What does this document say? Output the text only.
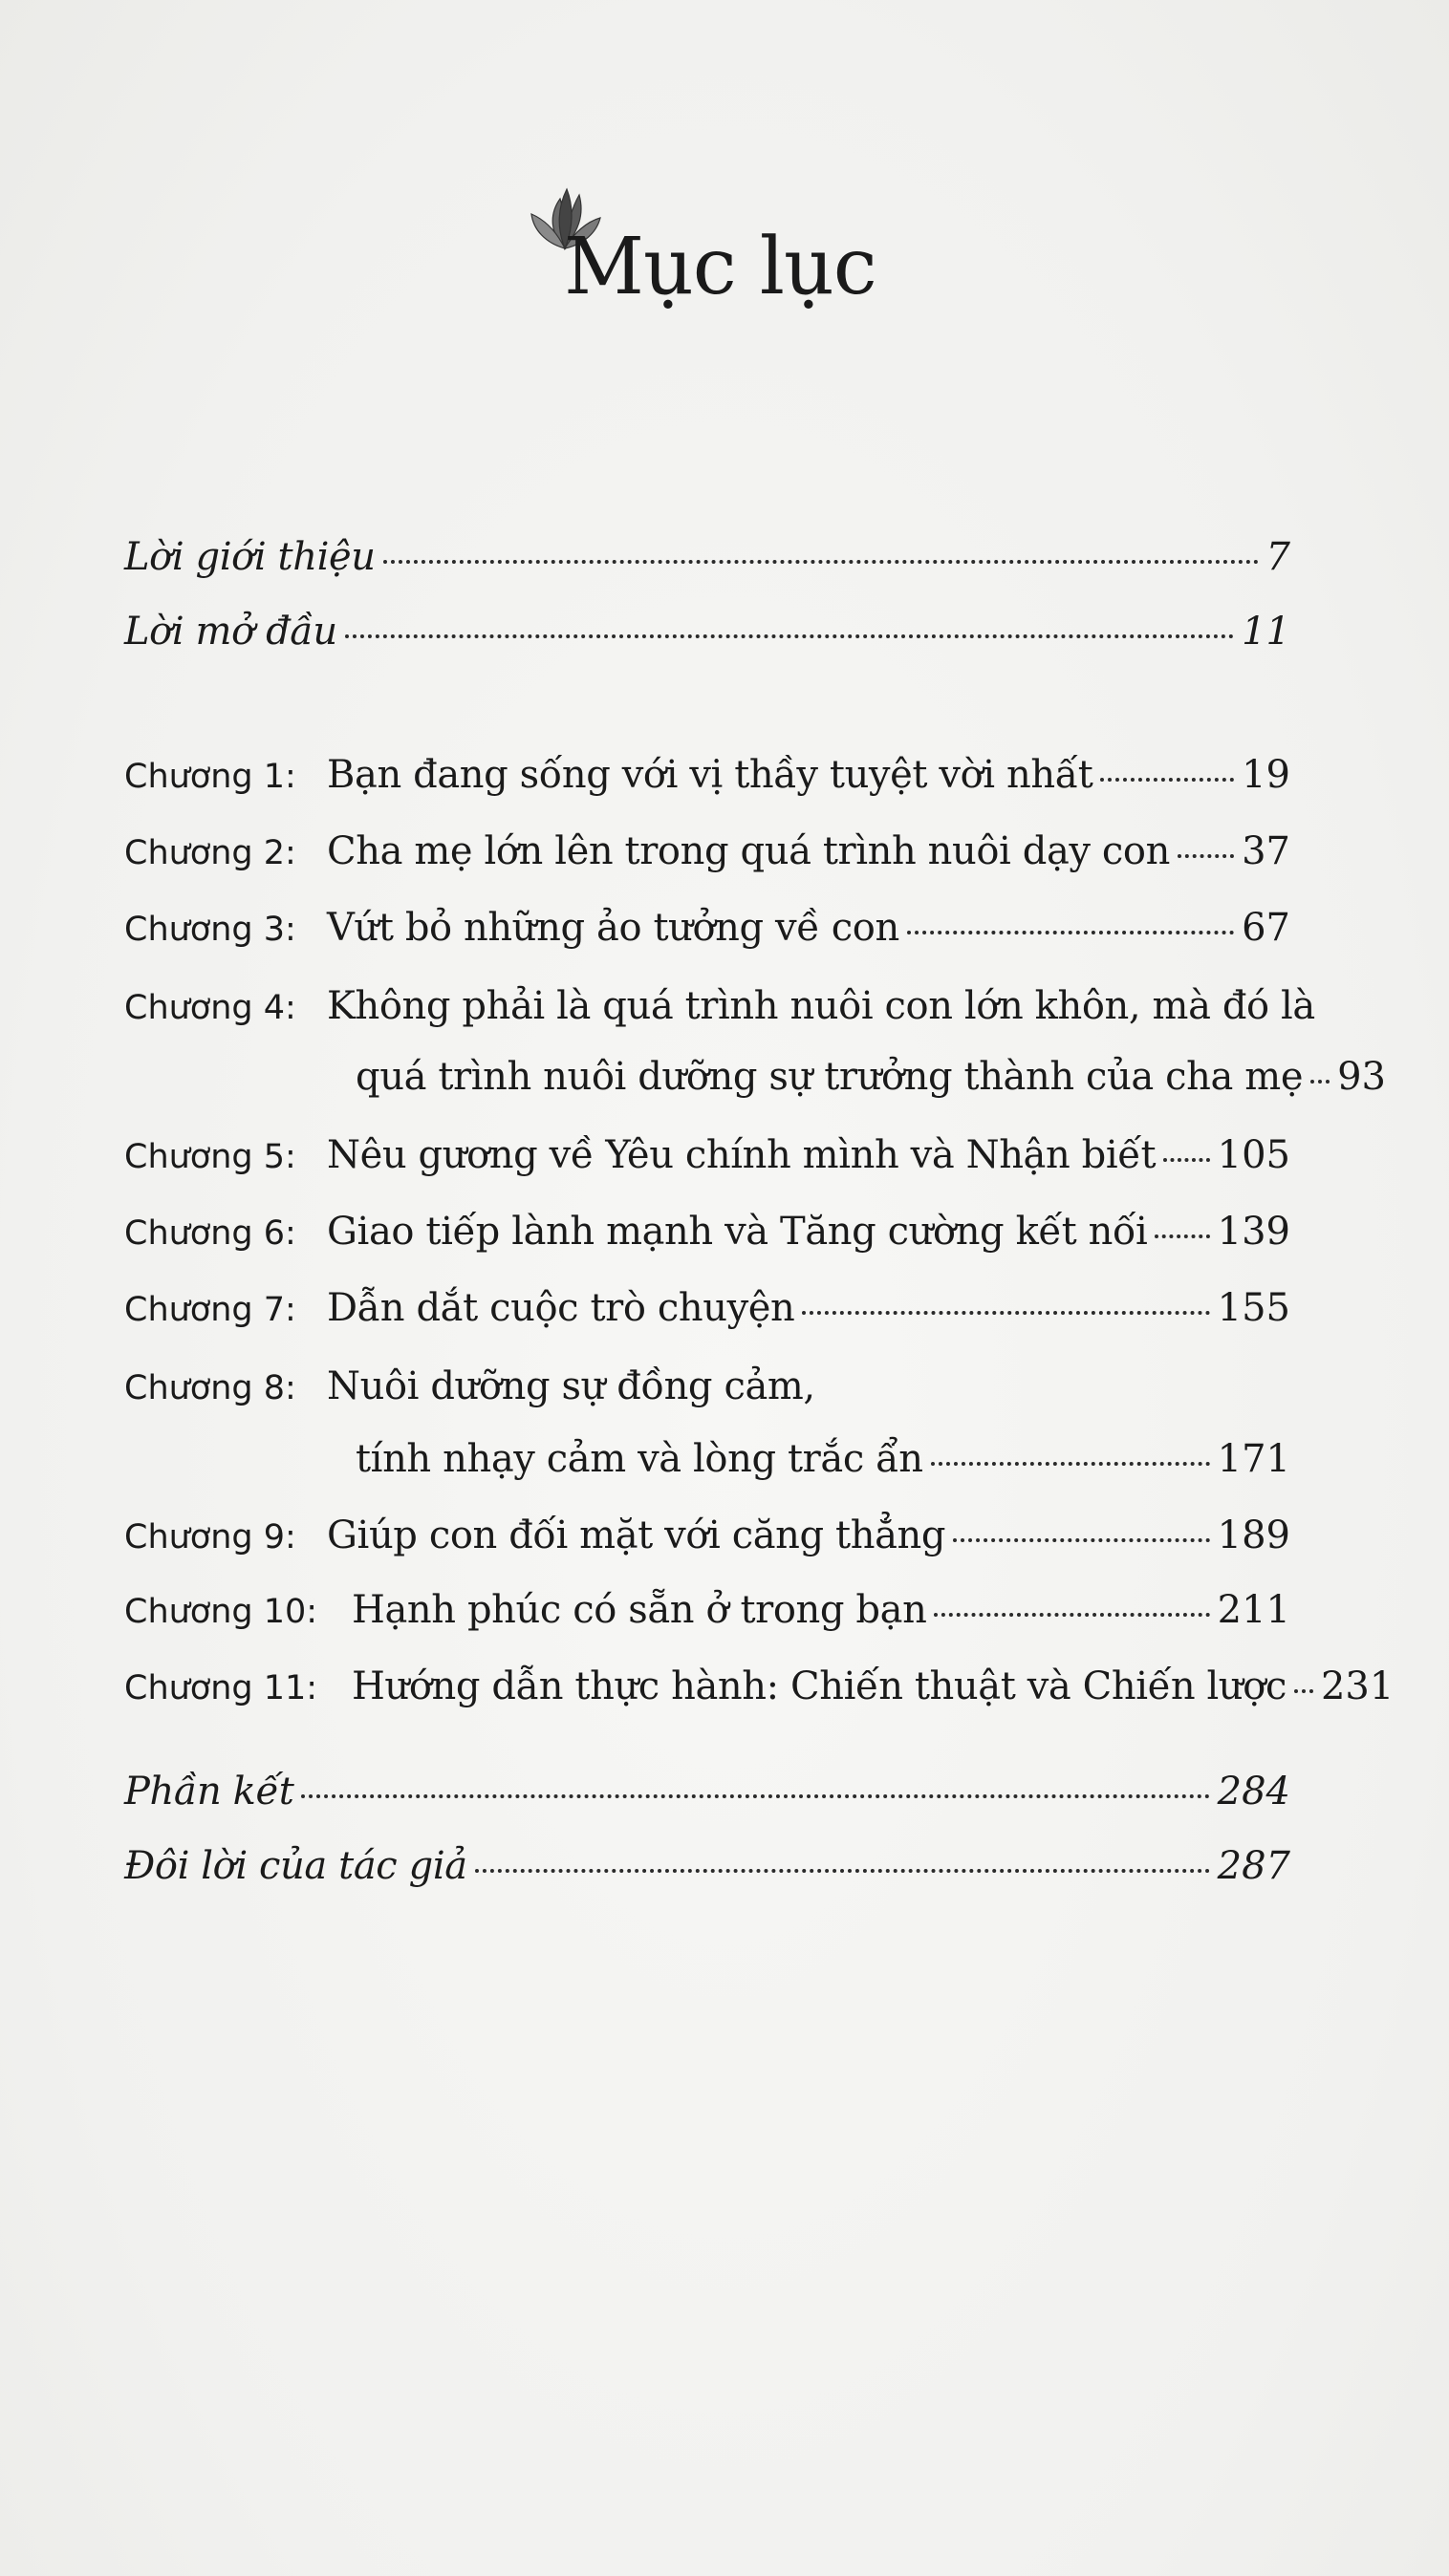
Mục lục
Lời giới thiệu	7
Lời mở đầu	11
Chương 1: Bạn đang sống với vị thầy tuyệt vời nhất	19
Chương 2: Cha mẹ lớn lên trong quá trình nuôi dạy con 37
Chương 3: Vứt bỏ những ảo tưởng về con	67
Chương 4: Không phải là quá trình nuôi con lớn khôn, mà đó là
quá trình nuôi dưỡng sự trưởng thành của cha mẹ 93
Chương 5: Nêu gương về Yêu chính mình và Nhận biết 105
Chương 6: Giao tiếp lành mạnh và Tăng cường kết nối 139
Chương 7: Dẫn dắt cuộc trò chuyện	155
Chương 8: Nuôi dưỡng sự đồng cảm,
tính nhạy cảm và lòng trắc ẩn	171
Chương 9: Giúp con đối mặt với căng thẳng	189
Chương 10: Hạnh phúc có sẵn ở trong bạn	211
Chương 11: Hướng dẫn thực hành: Chiến thuật và Chiến lược 231
Phần kết	284
Đôi lời của tác giả	287
